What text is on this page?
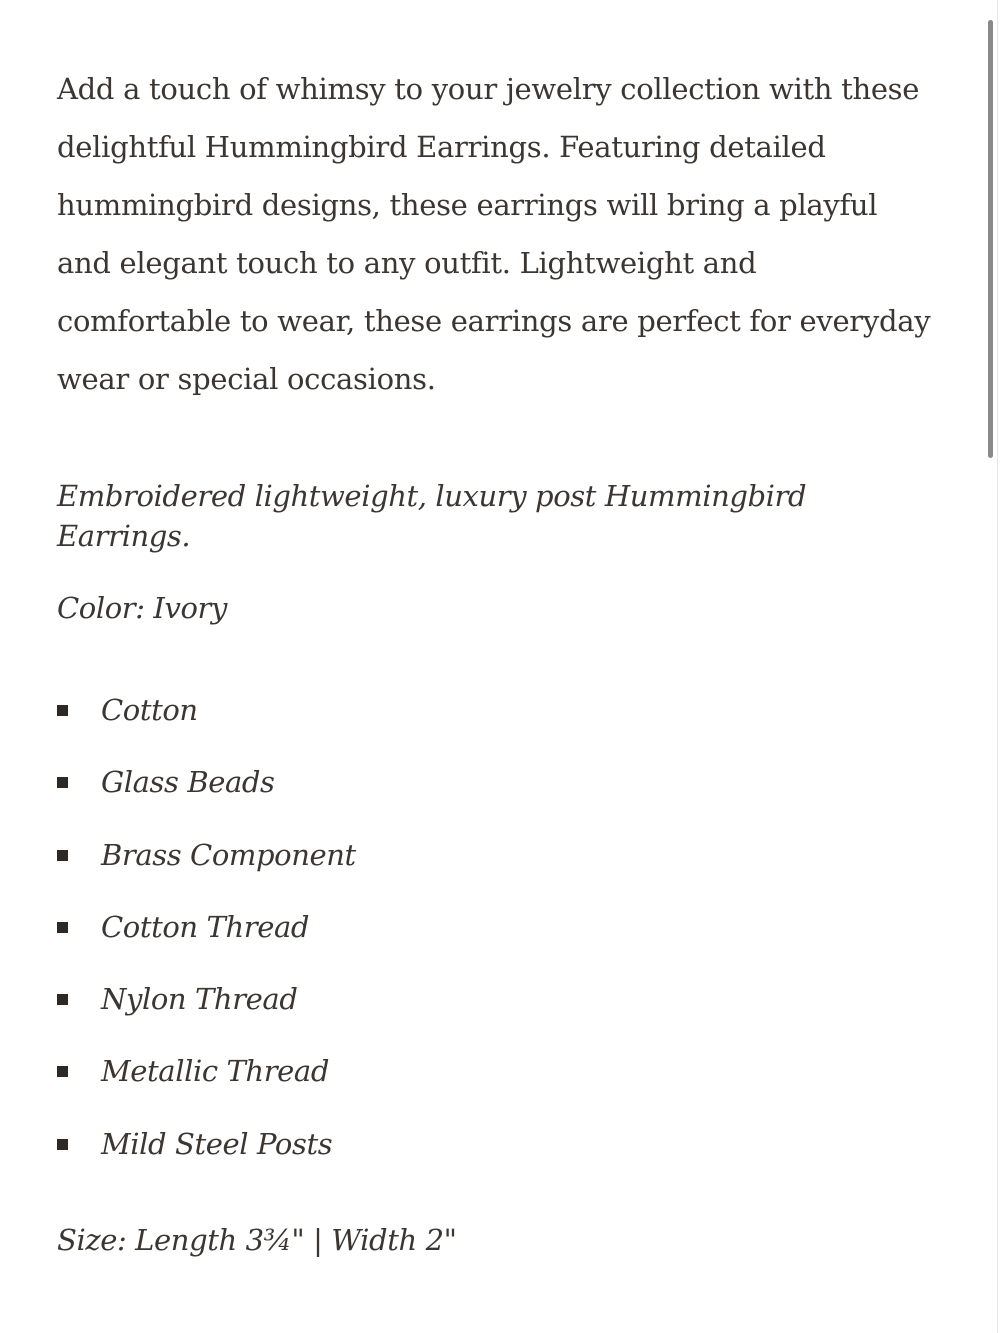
Add a touch of whimsy to your jewelry collection with these delightful Hummingbird Earrings. Featuring detailed hummingbird designs, these earrings will bring a playful and elegant touch to any outfit. Lightweight and comfortable to wear, these earrings are perfect for everyday wear or special occasions.

Embroidered lightweight, luxury post Hummingbird Earrings.

Color: Ivory

Cotton
Glass Beads
Brass Component
Cotton Thread
Nylon Thread
Metallic Thread
Mild Steel Posts

Size: Length 3¾" | Width 2"
